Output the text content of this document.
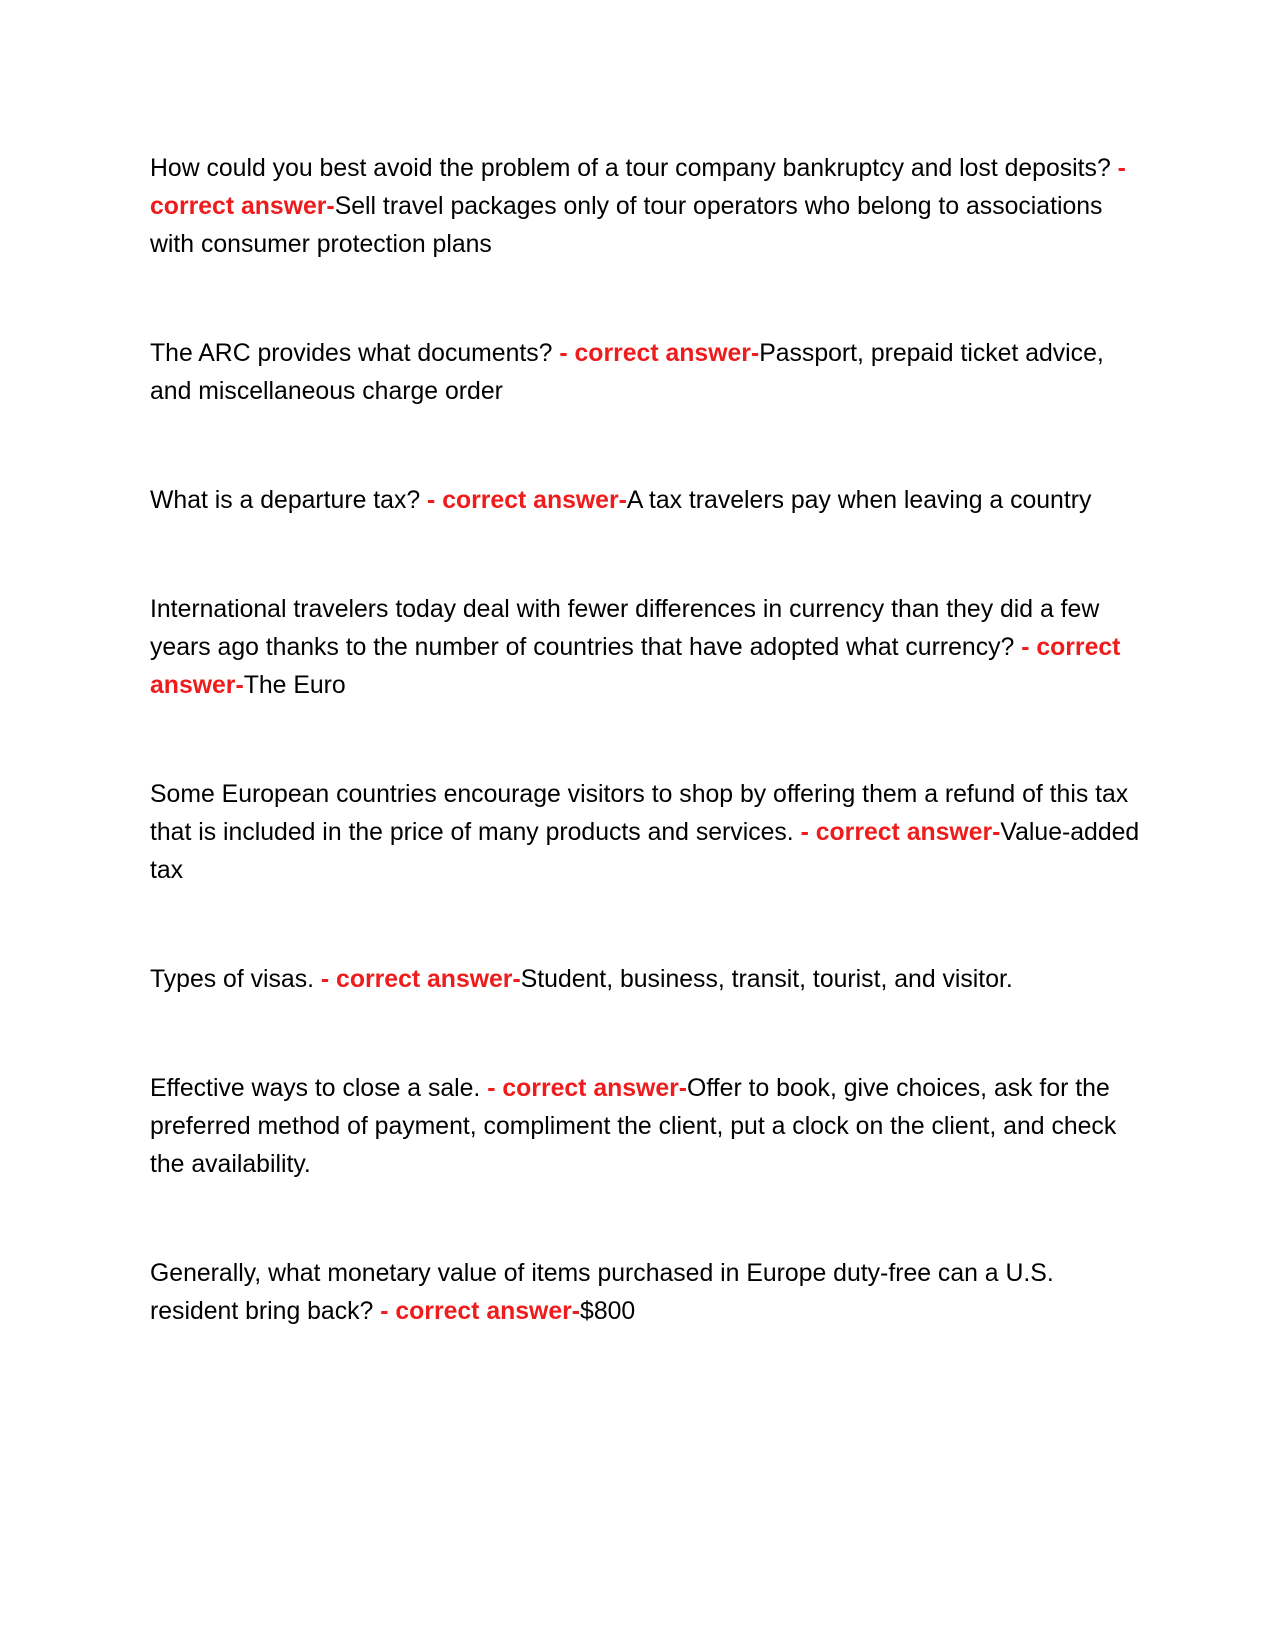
How could you best avoid the problem of a tour company bankruptcy and lost deposits? - correct answer-Sell travel packages only of tour operators who belong to associations with consumer protection plans

The ARC provides what documents? - correct answer-Passport, prepaid ticket advice, and miscellaneous charge order

What is a departure tax? - correct answer-A tax travelers pay when leaving a country

International travelers today deal with fewer differences in currency than they did a few years ago thanks to the number of countries that have adopted what currency? - correct answer-The Euro

Some European countries encourage visitors to shop by offering them a refund of this tax that is included in the price of many products and services. - correct answer-Value-added tax

Types of visas. - correct answer-Student, business, transit, tourist, and visitor.

Effective ways to close a sale. - correct answer-Offer to book, give choices, ask for the preferred method of payment, compliment the client, put a clock on the client, and check the availability.

Generally, what monetary value of items purchased in Europe duty-free can a U.S. resident bring back? - correct answer-$800
